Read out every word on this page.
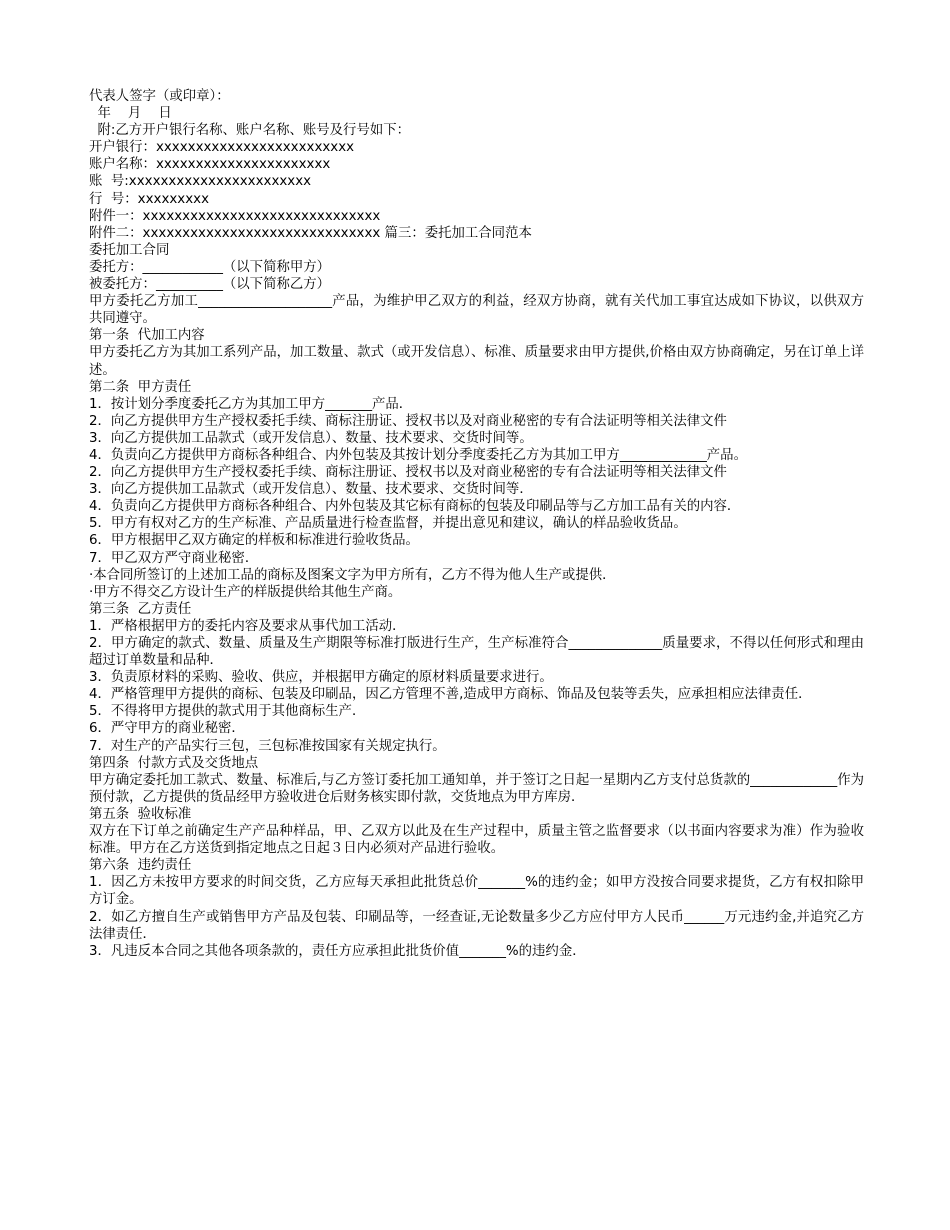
代表人签字（或印章）：

年    月    日

附:乙方开户银行名称、账户名称、账号及行号如下：

开户银行：xxxxxxxxxxxxxxxxxxxxxxxxx

账户名称：xxxxxxxxxxxxxxxxxxxxxx

账  号:xxxxxxxxxxxxxxxxxxxxxxx

行  号：xxxxxxxxx

附件一：xxxxxxxxxxxxxxxxxxxxxxxxxxxxxx

附件二：xxxxxxxxxxxxxxxxxxxxxxxxxxxxxx 篇三：委托加工合同范本

委托加工合同

委托方：____________（以下简称甲方）

被委托方：__________（以下简称乙方）

甲方委托乙方加工____________________产品，为维护甲乙双方的利益，经双方协商，就有关代加工事宜达成如下协议，以供双方共同遵守。

第一条  代加工内容

甲方委托乙方为其加工系列产品，加工数量、款式（或开发信息）、标准、质量要求由甲方提供,价格由双方协商确定，另在订单上详述。

第二条  甲方责任

1．按计划分季度委托乙方为其加工甲方_______产品．

2．向乙方提供甲方生产授权委托手续、商标注册证、授权书以及对商业秘密的专有合法证明等相关法律文件

3．向乙方提供加工品款式（或开发信息）、数量、技术要求、交货时间等。

4．负责向乙方提供甲方商标各种组合、内外包装及其按计划分季度委托乙方为其加工甲方_____________产品。

2．向乙方提供甲方生产授权委托手续、商标注册证、授权书以及对商业秘密的专有合法证明等相关法律文件

3．向乙方提供加工品款式（或开发信息）、数量、技术要求、交货时间等．

4．负责向乙方提供甲方商标各种组合、内外包装及其它标有商标的包装及印刷品等与乙方加工品有关的内容．

5．甲方有权对乙方的生产标准、产品质量进行检查监督，并提出意见和建议，确认的样品验收货品。

6．甲方根据甲乙双方确定的样板和标准进行验收货品。

7．甲乙双方严守商业秘密．

·本合同所签订的上述加工品的商标及图案文字为甲方所有，乙方不得为他人生产或提供．

·甲方不得交乙方设计生产的样版提供给其他生产商。

第三条  乙方责任

1．严格根据甲方的委托内容及要求从事代加工活动．

2．甲方确定的款式、数量、质量及生产期限等标准打版进行生产，生产标准符合______________质量要求，不得以任何形式和理由超过订单数量和品种．

3．负责原材料的采购、验收、供应，并根据甲方确定的原材料质量要求进行。

4．严格管理甲方提供的商标、包装及印刷品，因乙方管理不善,造成甲方商标、饰品及包装等丢失，应承担相应法律责任．

5．不得将甲方提供的款式用于其他商标生产．

6．严守甲方的商业秘密．

7．对生产的产品实行三包，三包标准按国家有关规定执行。

第四条  付款方式及交货地点

甲方确定委托加工款式、数量、标准后,与乙方签订委托加工通知单，并于签订之日起一星期内乙方支付总货款的_____________作为预付款，乙方提供的货品经甲方验收进仓后财务核实即付款，交货地点为甲方库房．

第五条  验收标准

双方在下订单之前确定生产产品种样品，甲、乙双方以此及在生产过程中，质量主管之监督要求（以书面内容要求为准）作为验收标准。甲方在乙方送货到指定地点之日起３日内必须对产品进行验收。

第六条  违约责任

1．因乙方未按甲方要求的时间交货，乙方应每天承担此批货总价_______%的违约金；如甲方没按合同要求提货，乙方有权扣除甲方订金。

2．如乙方擅自生产或销售甲方产品及包装、印刷品等，一经查证,无论数量多少乙方应付甲方人民币______万元违约金,并追究乙方法律责任．

3．凡违反本合同之其他各项条款的，责任方应承担此批货价值_______%的违约金．
